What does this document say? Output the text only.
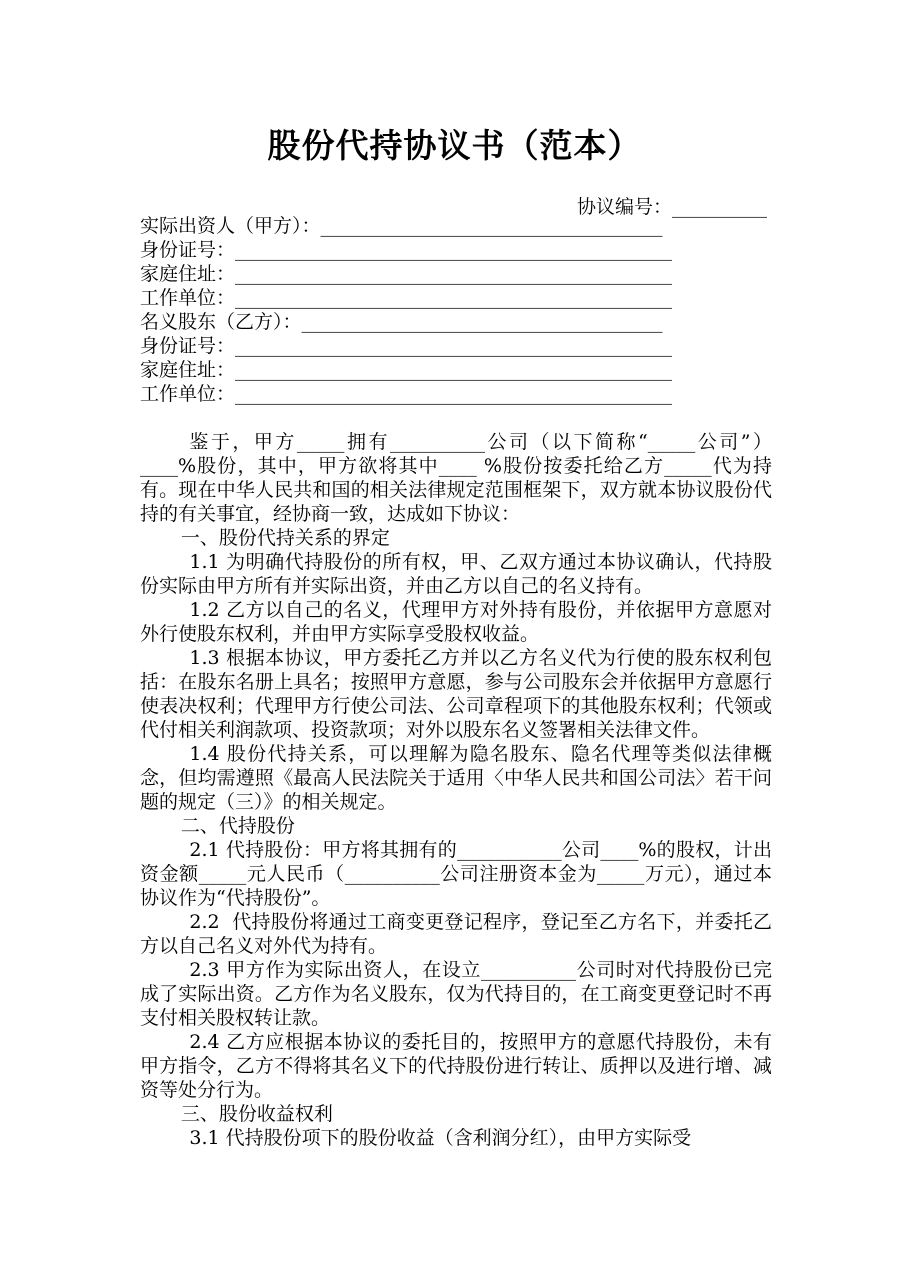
股份代持协议书（范本）
协议编号：__________
实际出资人（甲方）：____________________________________
身份证号：______________________________________________
家庭住址：______________________________________________
工作单位：______________________________________________
名义股东（乙方）：______________________________________
身份证号：______________________________________________
家庭住址：______________________________________________
工作单位：______________________________________________
鉴于，甲方_____拥有__________公司（以下简称“_____公司”）  ____%股份，其中，甲方欲将其中____ %股份按委托给乙方_____代为持有。现在中华人民共和国的相关法律规定范围框架下，双方就本协议股份代持的有关事宜，经协商一致，达成如下协议：
一、股份代持关系的界定
1.1 为明确代持股份的所有权，甲、乙双方通过本协议确认，代持股份实际由甲方所有并实际出资，并由乙方以自己的名义持有。
1.2 乙方以自己的名义，代理甲方对外持有股份，并依据甲方意愿对外行使股东权利，并由甲方实际享受股权收益。
1.3 根据本协议，甲方委托乙方并以乙方名义代为行使的股东权利包括：在股东名册上具名；按照甲方意愿，参与公司股东会并依据甲方意愿行使表决权利；代理甲方行使公司法、公司章程项下的其他股东权利；代领或代付相关利润款项、投资款项；对外以股东名义签署相关法律文件。
1.4 股份代持关系，可以理解为隐名股东、隐名代理等类似法律概念，但均需遵照《最高人民法院关于适用〈中华人民共和国公司法〉若干问题的规定（三）》的相关规定。
二、代持股份
2.1 代持股份：甲方将其拥有的___________公司____%的股权，计出资金额_____元人民币（__________公司注册资本金为_____万元），通过本协议作为“代持股份”。
2.2  代持股份将通过工商变更登记程序，登记至乙方名下，并委托乙方以自己名义对外代为持有。
2.3 甲方作为实际出资人，在设立__________公司时对代持股份已完成了实际出资。乙方作为名义股东，仅为代持目的，在工商变更登记时不再支付相关股权转让款。
2.4 乙方应根据本协议的委托目的，按照甲方的意愿代持股份，未有甲方指令，乙方不得将其名义下的代持股份进行转让、质押以及进行增、减资等处分行为。
三、股份收益权利
3.1 代持股份项下的股份收益（含利润分红），由甲方实际受
